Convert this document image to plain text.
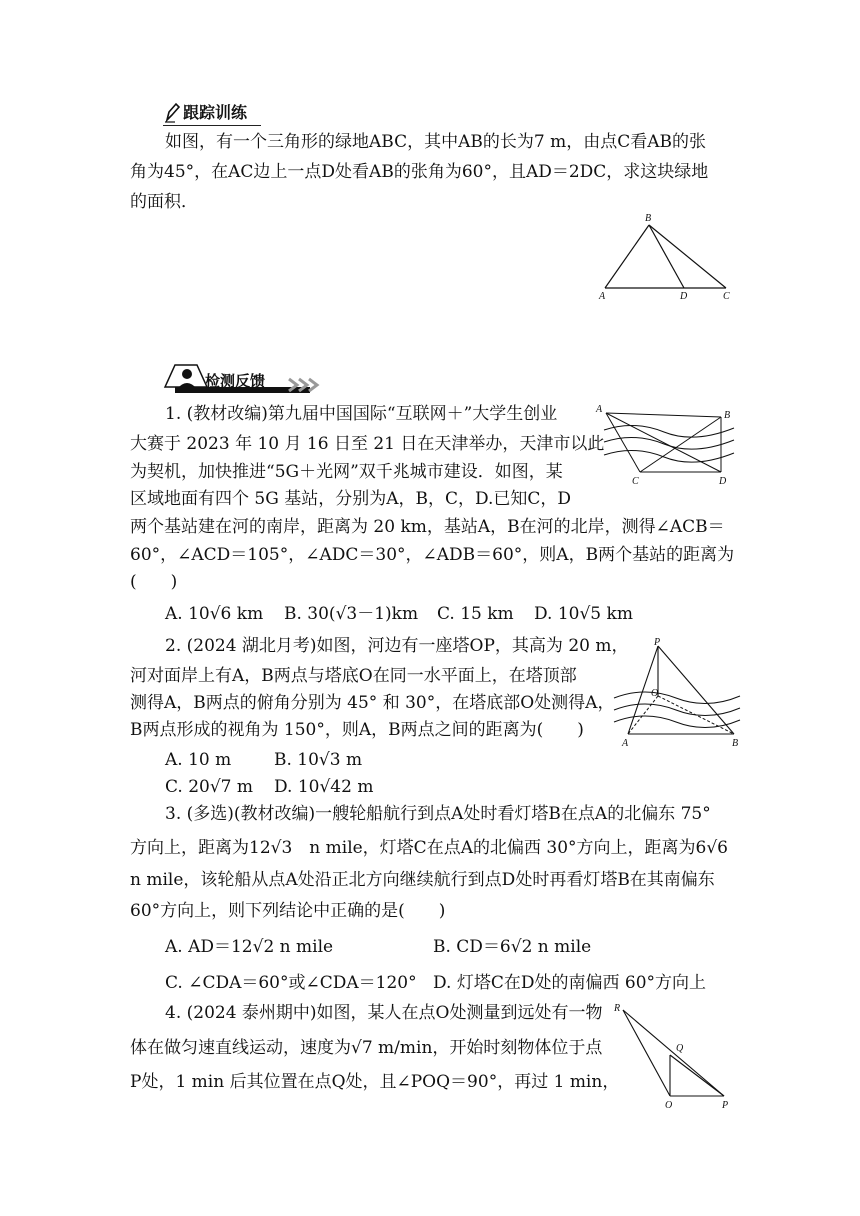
跟踪训练
如图，有一个三角形的绿地ABC，其中AB的长为7 m，由点C看AB的张
角为45°，在AC边上一点D处看AB的张角为60°，且AD＝2DC，求这块绿地
的面积．
B
A	D	C
检测反馈
1. (教材改编)第九届中国国际“互联网＋”大学生创业
大赛于 2023 年 10 月 16 日至 21 日在天津举办，天津市以此
为契机，加快推进“5G＋光网”双千兆城市建设．如图，某
区域地面有四个 5G 基站，分别为A，B，C，D.已知C，D
两个基站建在河的南岸，距离为 20 km，基站A，B在河的北岸，测得∠ACB＝
60°，∠ACD＝105°，∠ADC＝30°，∠ADB＝60°，则A，B两个基站的距离为
(　　)
A. 10√6 km B. 30(√3－1)km C. 15 km D. 10√5 km
A
B
C	D
2. (2024 湖北月考)如图，河边有一座塔OP，其高为 20 m，
河对面岸上有A，B两点与塔底O在同一水平面上，在塔顶部
测得A，B两点的俯角分别为 45° 和 30°，在塔底部O处测得A，
B两点形成的视角为 150°，则A，B两点之间的距离为(　　)
A. 10 m	B. 10√3 m
C. 20√7 m D. 10√42 m
P
O
A	B
3. (多选)(教材改编)一艘轮船航行到点A处时看灯塔B在点A的北偏东 75°
方向上，距离为12√3　n mile，灯塔C在点A的北偏西 30°方向上，距离为6√6
n mile，该轮船从点A处沿正北方向继续航行到点D处时再看灯塔B在其南偏东
60°方向上，则下列结论中正确的是(　　)
A. AD＝12√2 n mile	B. CD＝6√2 n mile
C. ∠CDA＝60°或∠CDA＝120° D. 灯塔C在D处的南偏西 60°方向上
4. (2024 泰州期中)如图，某人在点O处测量到远处有一物
体在做匀速直线运动，速度为√7 m/min，开始时刻物体位于点
P处，1 min 后其位置在点Q处，且∠POQ＝90°，再过 1 min，
R
Q
O	P
